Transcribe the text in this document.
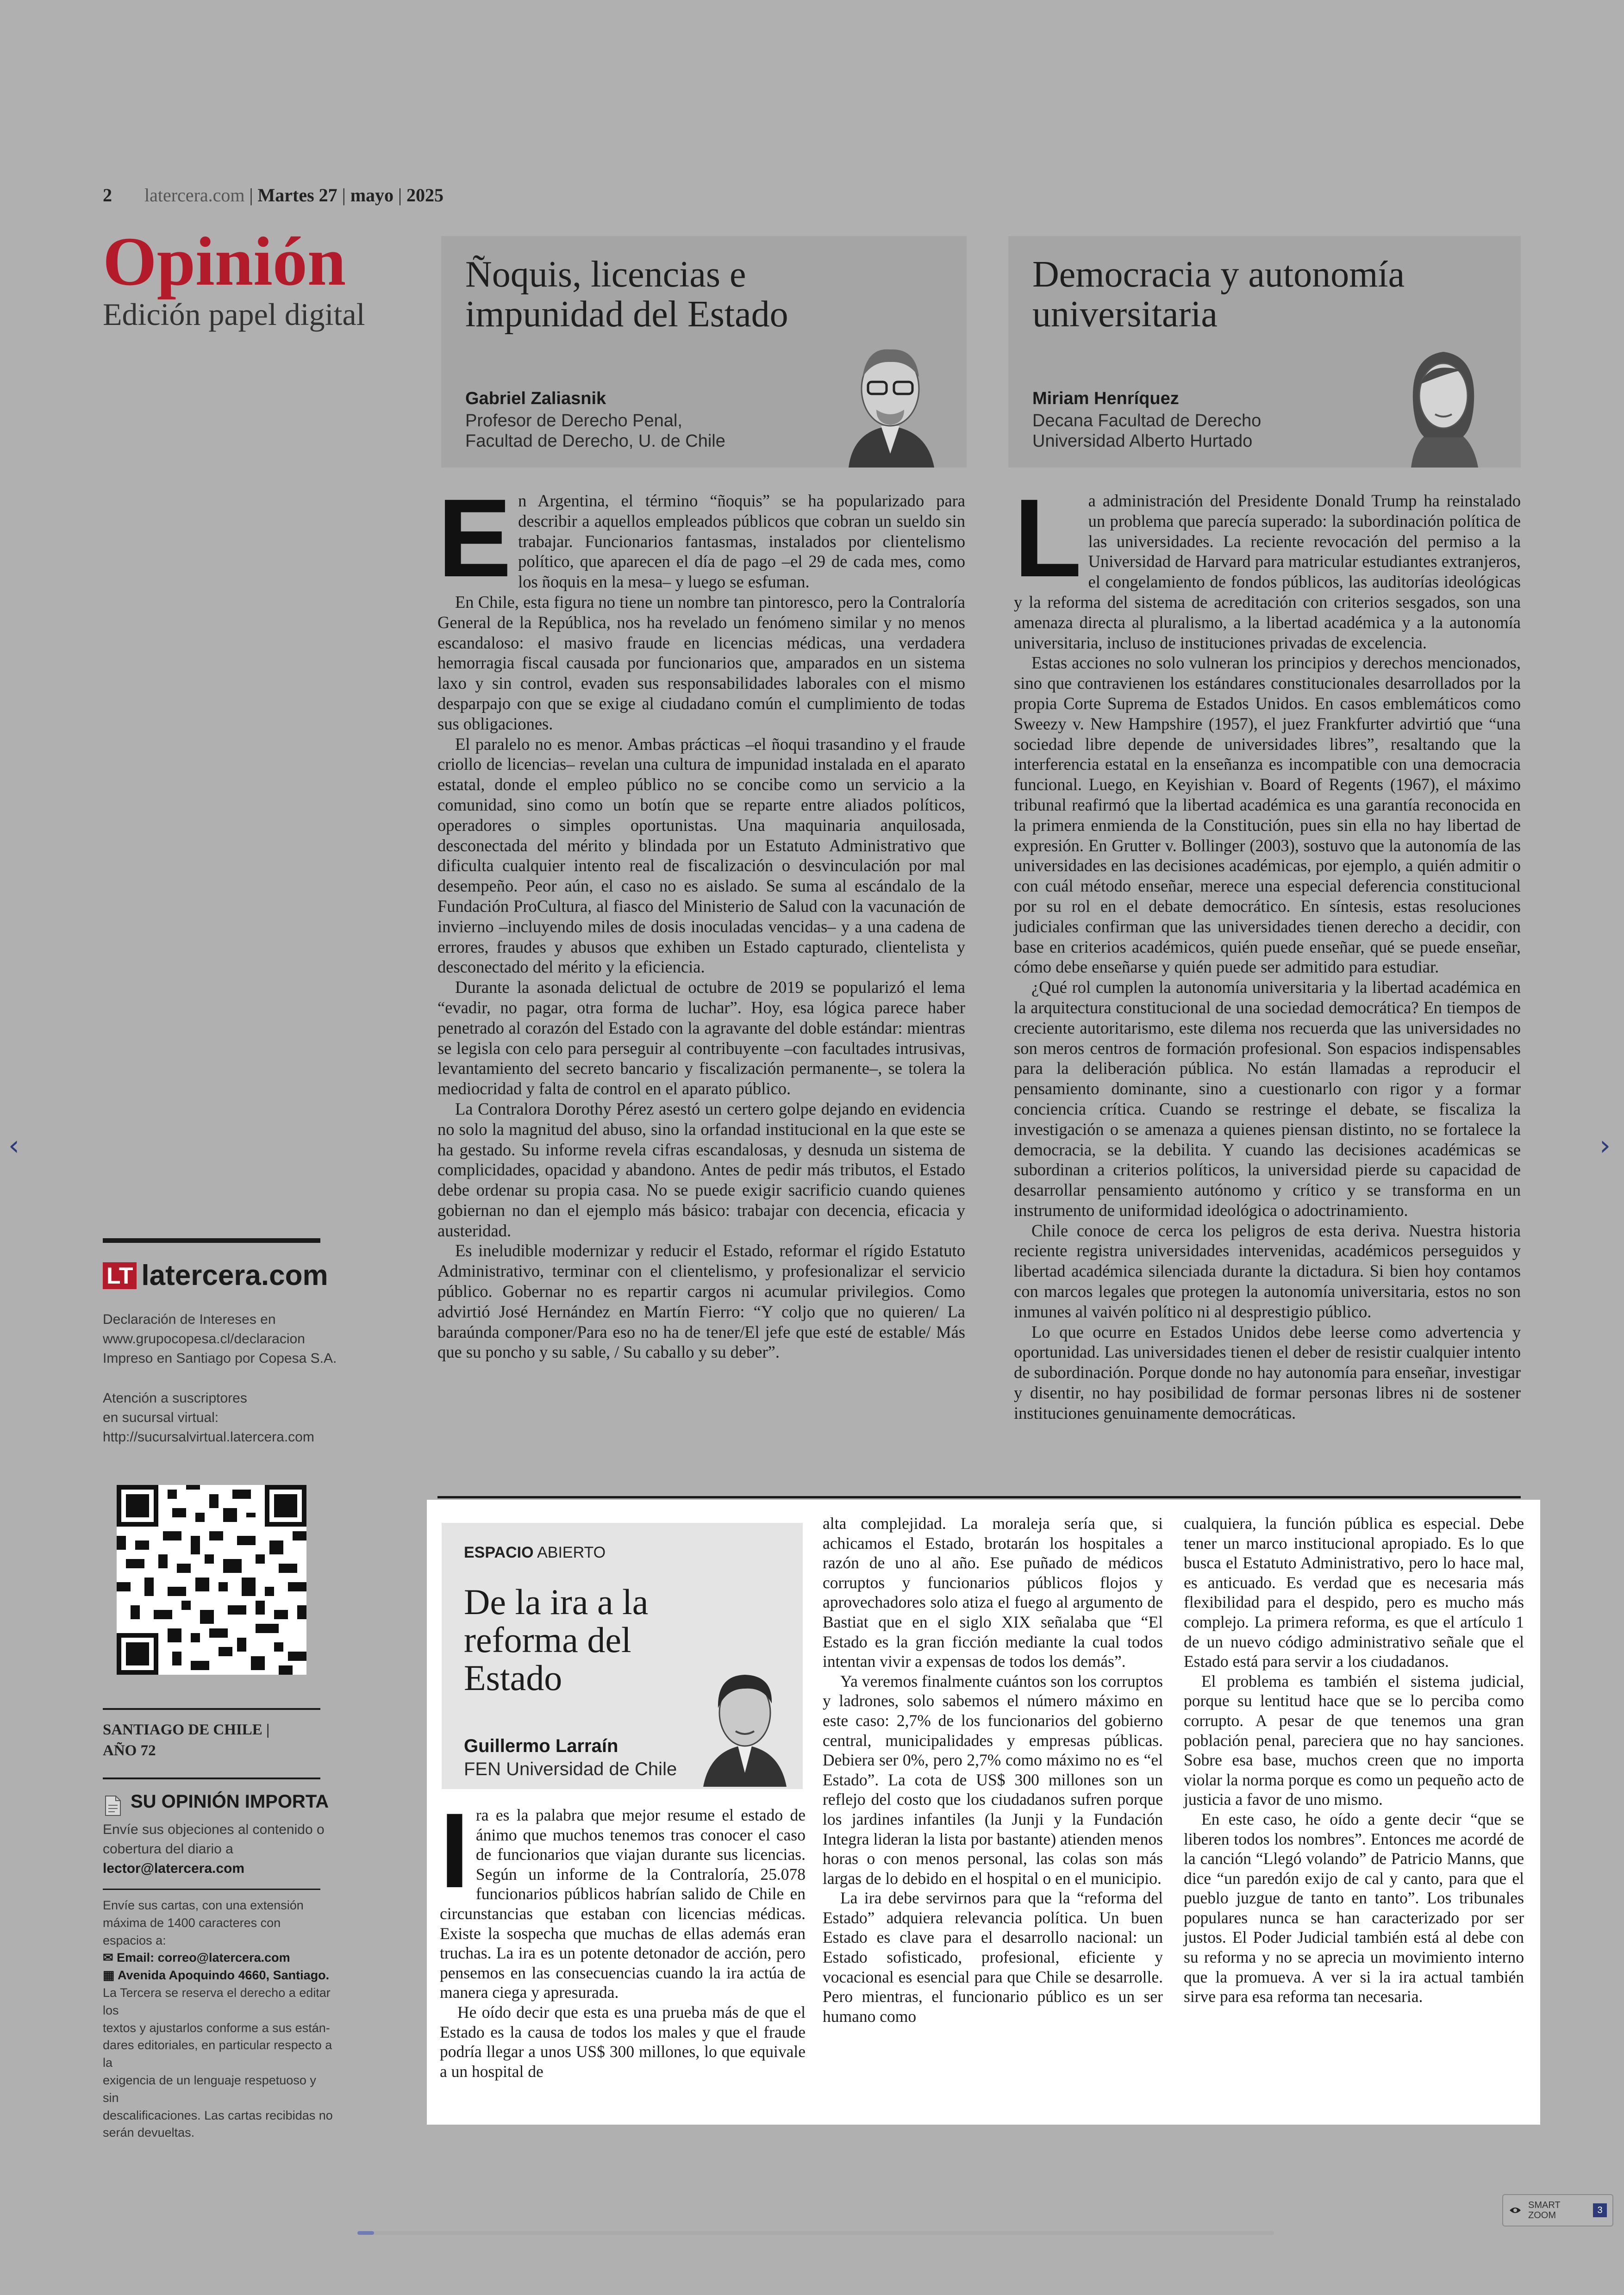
2 latercera.com | Martes 27 | mayo | 2025
Opinión
Edición papel digital
Ñoquis, licencias e impunidad del Estado
Gabriel Zaliasnik
Profesor de Derecho Penal,
Facultad de Derecho, U. de Chile
Democracia y autonomía universitaria
Miriam Henríquez
Decana Facultad de Derecho
Universidad Alberto Hurtado
E n Argentina, el término “ñoquis” se ha popularizado para describir a aquellos empleados públicos que cobran un sueldo sin trabajar. Funcionarios fantasmas, instalados por clientelismo político, que aparecen el día de pago –el 29 de cada mes, como los ñoquis en la mesa– y luego se esfuman.

En Chile, esta figura no tiene un nombre tan pintoresco, pero la Contraloría General de la República, nos ha revelado un fenómeno similar y no menos escandaloso: el masivo fraude en licencias médicas, una verdadera hemorragia fiscal causada por funcionarios que, amparados en un sistema laxo y sin control, evaden sus responsabilidades laborales con el mismo desparpajo con que se exige al ciudadano común el cumplimiento de todas sus obligaciones.

El paralelo no es menor. Ambas prácticas –el ñoqui trasandino y el fraude criollo de licencias– revelan una cultura de impunidad instalada en el aparato estatal, donde el empleo público no se concibe como un servicio a la comunidad, sino como un botín que se reparte entre aliados políticos, operadores o simples oportunistas. Una maquinaria anquilosada, desconectada del mérito y blindada por un Estatuto Administrativo que dificulta cualquier intento real de fiscalización o desvinculación por mal desempeño. Peor aún, el caso no es aislado. Se suma al escándalo de la Fundación ProCultura, al fiasco del Ministerio de Salud con la vacunación de invierno –incluyendo miles de dosis inoculadas vencidas– y a una cadena de errores, fraudes y abusos que exhiben un Estado capturado, clientelista y desconectado del mérito y la eficiencia.

Durante la asonada delictual de octubre de 2019 se popularizó el lema “evadir, no pagar, otra forma de luchar”. Hoy, esa lógica parece haber penetrado al corazón del Estado con la agravante del doble estándar: mientras se legisla con celo para perseguir al contribuyente –con facultades intrusivas, levantamiento del secreto bancario y fiscalización permanente–, se tolera la mediocridad y falta de control en el aparato público.

La Contralora Dorothy Pérez asestó un certero golpe dejando en evidencia no solo la magnitud del abuso, sino la orfandad institucional en la que este se ha gestado. Su informe revela cifras escandalosas, y desnuda un sistema de complicidades, opacidad y abandono. Antes de pedir más tributos, el Estado debe ordenar su propia casa. No se puede exigir sacrificio cuando quienes gobiernan no dan el ejemplo más básico: trabajar con decencia, eficacia y austeridad.

Es ineludible modernizar y reducir el Estado, reformar el rígido Estatuto Administrativo, terminar con el clientelismo, y profesionalizar el servicio público. Gobernar no es repartir cargos ni acumular privilegios. Como advirtió José Hernández en Martín Fierro: “Y coljo que no quieren/ La baraúnda componer/Para eso no ha de tener/El jefe que esté de estable/ Más que su poncho y su sable, / Su caballo y su deber”.

L a administración del Presidente Donald Trump ha reinstalado un problema que parecía superado: la subordinación política de las universidades. La reciente revocación del permiso a la Universidad de Harvard para matricular estudiantes extranjeros, el congelamiento de fondos públicos, las auditorías ideológicas y la reforma del sistema de acreditación con criterios sesgados, son una amenaza directa al pluralismo, a la libertad académica y a la autonomía universitaria, incluso de instituciones privadas de excelencia.

Estas acciones no solo vulneran los principios y derechos mencionados, sino que contravienen los estándares constitucionales desarrollados por la propia Corte Suprema de Estados Unidos. En casos emblemáticos como Sweezy v. New Hampshire (1957), el juez Frankfurter advirtió que “una sociedad libre depende de universidades libres”, resaltando que la interferencia estatal en la enseñanza es incompatible con una democracia funcional. Luego, en Keyishian v. Board of Regents (1967), el máximo tribunal reafirmó que la libertad académica es una garantía reconocida en la primera enmienda de la Constitución, pues sin ella no hay libertad de expresión. En Grutter v. Bollinger (2003), sostuvo que la autonomía de las universidades en las decisiones académicas, por ejemplo, a quién admitir o con cuál método enseñar, merece una especial deferencia constitucional por su rol en el debate democrático. En síntesis, estas resoluciones judiciales confirman que las universidades tienen derecho a decidir, con base en criterios académicos, quién puede enseñar, qué se puede enseñar, cómo debe enseñarse y quién puede ser admitido para estudiar.

¿Qué rol cumplen la autonomía universitaria y la libertad académica en la arquitectura constitucional de una sociedad democrática? En tiempos de creciente autoritarismo, este dilema nos recuerda que las universidades no son meros centros de formación profesional. Son espacios indispensables para la deliberación pública. No están llamadas a reproducir el pensamiento dominante, sino a cuestionarlo con rigor y a formar conciencia crítica. Cuando se restringe el debate, se fiscaliza la investigación o se amenaza a quienes piensan distinto, no se fortalece la democracia, se la debilita. Y cuando las decisiones académicas se subordinan a criterios políticos, la universidad pierde su capacidad de desarrollar pensamiento autónomo y crítico y se transforma en un instrumento de uniformidad ideológica o adoctrinamiento.

Chile conoce de cerca los peligros de esta deriva. Nuestra historia reciente registra universidades intervenidas, académicos perseguidos y libertad académica silenciada durante la dictadura. Si bien hoy contamos con marcos legales que protegen la autonomía universitaria, estos no son inmunes al vaivén político ni al desprestigio público.

Lo que ocurre en Estados Unidos debe leerse como advertencia y oportunidad. Las universidades tienen el deber de resistir cualquier intento de subordinación. Porque donde no hay autonomía para enseñar, investigar y disentir, no hay posibilidad de formar personas libres ni de sostener instituciones genuinamente democráticas.

LT latercera.com
Declaración de Intereses en
www.grupocopesa.cl/declaracion
Impreso en Santiago por Copesa S.A.
Atención a suscriptores
en sucursal virtual:
http://sucursalvirtual.latercera.com
SANTIAGO DE CHILE |
AÑO 72
SU OPINIÓN IMPORTA
Envíe sus objeciones al contenido o
cobertura del diario a
lector@latercera.com
Envíe sus cartas, con una extensión
máxima de 1400 caracteres con
espacios a:
✉ Email: correo@latercera.com
▦ Avenida Apoquindo 4660, Santiago.
La Tercera se reserva el derecho a editar los
textos y ajustarlos conforme a sus están-
dares editoriales, en particular respecto a la
exigencia de un lenguaje respetuoso y sin
descalificaciones. Las cartas recibidas no
serán devueltas.
ESPACIO ABIERTO
De la ira a la reforma del Estado
Guillermo Larraín
FEN Universidad de Chile
I ra es la palabra que mejor resume el estado de ánimo que muchos tenemos tras conocer el caso de funcionarios que viajan durante sus licencias. Según un informe de la Contraloría, 25.078 funcionarios públicos habrían salido de Chile en circunstancias que estaban con licencias médicas. Existe la sospecha que muchas de ellas además eran truchas. La ira es un potente detonador de acción, pero pensemos en las consecuencias cuando la ira actúa de manera ciega y apresurada.

He oído decir que esta es una prueba más de que el Estado es la causa de todos los males y que el fraude podría llegar a unos US$ 300 millones, lo que equivale a un hospital de

alta complejidad. La moraleja sería que, si achicamos el Estado, brotarán los hospitales a razón de uno al año. Ese puñado de médicos corruptos y funcionarios públicos flojos y aprovechadores solo atiza el fuego al argumento de Bastiat que en el siglo XIX señalaba que “El Estado es la gran ficción mediante la cual todos intentan vivir a expensas de todos los demás”.

Ya veremos finalmente cuántos son los corruptos y ladrones, solo sabemos el número máximo en este caso: 2,7% de los funcionarios del gobierno central, municipalidades y empresas públicas. Debiera ser 0%, pero 2,7% como máximo no es “el Estado”. La cota de US$ 300 millones son un reflejo del costo que los ciudadanos sufren porque los jardines infantiles (la Junji y la Fundación Integra lideran la lista por bastante) atienden menos horas o con menos personal, las colas son más largas de lo debido en el hospital o en el municipio.

La ira debe servirnos para que la “reforma del Estado” adquiera relevancia política. Un buen Estado es clave para el desarrollo nacional: un Estado sofisticado, profesional, eficiente y vocacional es esencial para que Chile se desarrolle. Pero mientras, el funcionario público es un ser humano como

cualquiera, la función pública es especial. Debe tener un marco institucional apropiado. Es lo que busca el Estatuto Administrativo, pero lo hace mal, es anticuado. Es verdad que es necesaria más flexibilidad para el despido, pero es mucho más complejo. La primera reforma, es que el artículo 1 de un nuevo código administrativo señale que el Estado está para servir a los ciudadanos.

El problema es también el sistema judicial, porque su lentitud hace que se lo perciba como corrupto. A pesar de que tenemos una gran población penal, pareciera que no hay sanciones. Sobre esa base, muchos creen que no importa violar la norma porque es como un pequeño acto de justicia a favor de uno mismo.

En este caso, he oído a gente decir “que se liberen todos los nombres”. Entonces me acordé de la canción “Llegó volando” de Patricio Manns, que dice “un paredón exijo de cal y canto, para que el pueblo juzgue de tanto en tanto”. Los tribunales populares nunca se han caracterizado por ser justos. El Poder Judicial también está al debe con su reforma y no se aprecia un movimiento interno que la promueva. A ver si la ira actual también sirve para esa reforma tan necesaria.

‹	›
SMART
ZOOM	3
